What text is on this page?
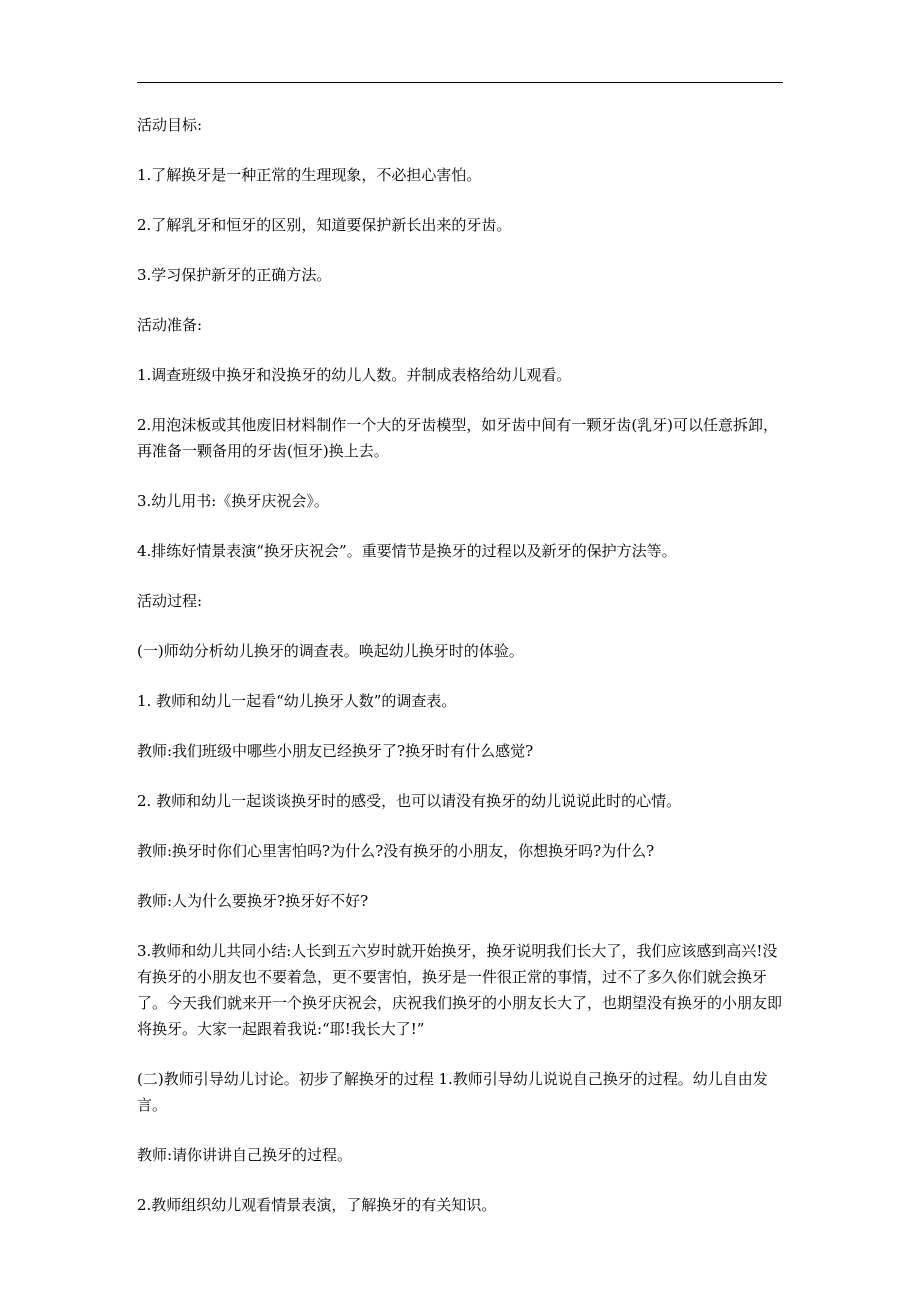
活动目标:

1.了解换牙是一种正常的生理现象，不必担心害怕。

2.了解乳牙和恒牙的区别，知道要保护新长出来的牙齿。

3.学习保护新牙的正确方法。

活动准备:

1.调查班级中换牙和没换牙的幼儿人数。并制成表格给幼儿观看。

2.用泡沫板或其他废旧材料制作一个大的牙齿模型，如牙齿中间有一颗牙齿(乳牙)可以任意拆卸，再准备一颗备用的牙齿(恒牙)换上去。

3.幼儿用书:《换牙庆祝会》。

4.排练好情景表演“换牙庆祝会”。重要情节是换牙的过程以及新牙的保护方法等。

活动过程:

(一)师幼分析幼儿换牙的调查表。唤起幼儿换牙时的体验。

1. 教师和幼儿一起看“幼儿换牙人数”的调查表。

教师:我们班级中哪些小朋友已经换牙了?换牙时有什么感觉?

2. 教师和幼儿一起谈谈换牙时的感受，也可以请没有换牙的幼儿说说此时的心情。

教师:换牙时你们心里害怕吗?为什么?没有换牙的小朋友，你想换牙吗?为什么?

教师:人为什么要换牙?换牙好不好?

3.教师和幼儿共同小结:人长到五六岁时就开始换牙，换牙说明我们长大了，我们应该感到高兴!没有换牙的小朋友也不要着急，更不要害怕，换牙是一件很正常的事情，过不了多久你们就会换牙了。今天我们就来开一个换牙庆祝会，庆祝我们换牙的小朋友长大了，也期望没有换牙的小朋友即将换牙。大家一起跟着我说:“耶!我长大了!”

(二)教师引导幼儿讨论。初步了解换牙的过程 1.教师引导幼儿说说自己换牙的过程。幼儿自由发言。

教师:请你讲讲自己换牙的过程。

2.教师组织幼儿观看情景表演，了解换牙的有关知识。
